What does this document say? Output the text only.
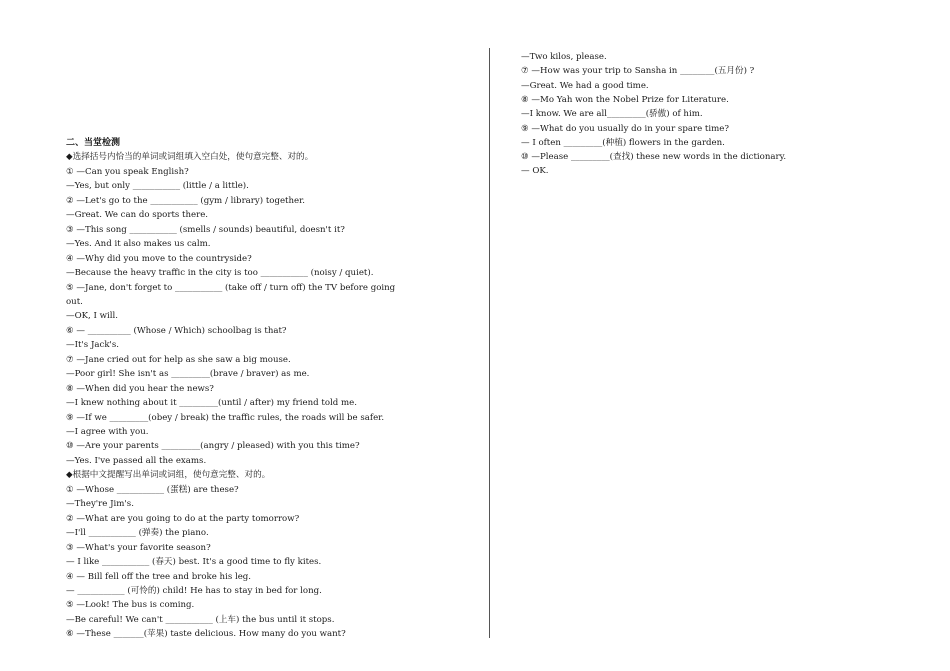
二、当堂检测
◆选择括号内恰当的单词或词组填入空白处，使句意完整、对的。
① —Can you speak English?
—Yes, but only ___________ (little / a little).
② —Let's go to the ___________ (gym / library) together.
—Great. We can do sports there.
③ —This song ___________ (smells / sounds) beautiful, doesn't it?
—Yes. And it also makes us calm.
④ —Why did you move to the countryside?
—Because the heavy traffic in the city is too ___________ (noisy / quiet).
⑤ —Jane, don't forget to ___________ (take off / turn off) the TV before going
out.
—OK, I will.
⑥ — __________ (Whose / Which) schoolbag is that?
—It's Jack's.
⑦ —Jane cried out for help as she saw a big mouse.
—Poor girl! She isn't as _________(brave / braver) as me.
⑧ —When did you hear the news?
—I knew nothing about it _________(until / after) my friend told me.
⑨ —If we _________(obey / break) the traffic rules, the roads will be safer.
—I agree with you.
⑩ —Are your parents _________(angry / pleased) with you this time?
—Yes. I've passed all the exams.
◆根据中文提醒写出单词或词组，使句意完整、对的。
① —Whose ___________ (蛋糕) are these?
—They're Jim's.
② —What are you going to do at the party tomorrow?
—I'll ___________ (弹奏) the piano.
③ —What's your favorite season?
— I like ___________ (春天) best. It's a good time to fly kites.
④ — Bill fell off the tree and broke his leg.
— ___________ (可怜的) child! He has to stay in bed for long.
⑤ —Look! The bus is coming.
—Be careful! We can't ___________ (上车) the bus until it stops.
⑥ —These _______(苹果) taste delicious. How many do you want?
—Two kilos, please.
⑦ —How was your trip to Sansha in ________(五月份) ?
—Great. We had a good time.
⑧ —Mo Yah won the Nobel Prize for Literature.
—I know. We are all_________(骄傲) of him.
⑨ —What do you usually do in your spare time?
— I often _________(种植) flowers in the garden.
⑩ —Please _________(查找) these new words in the dictionary.
— OK.
